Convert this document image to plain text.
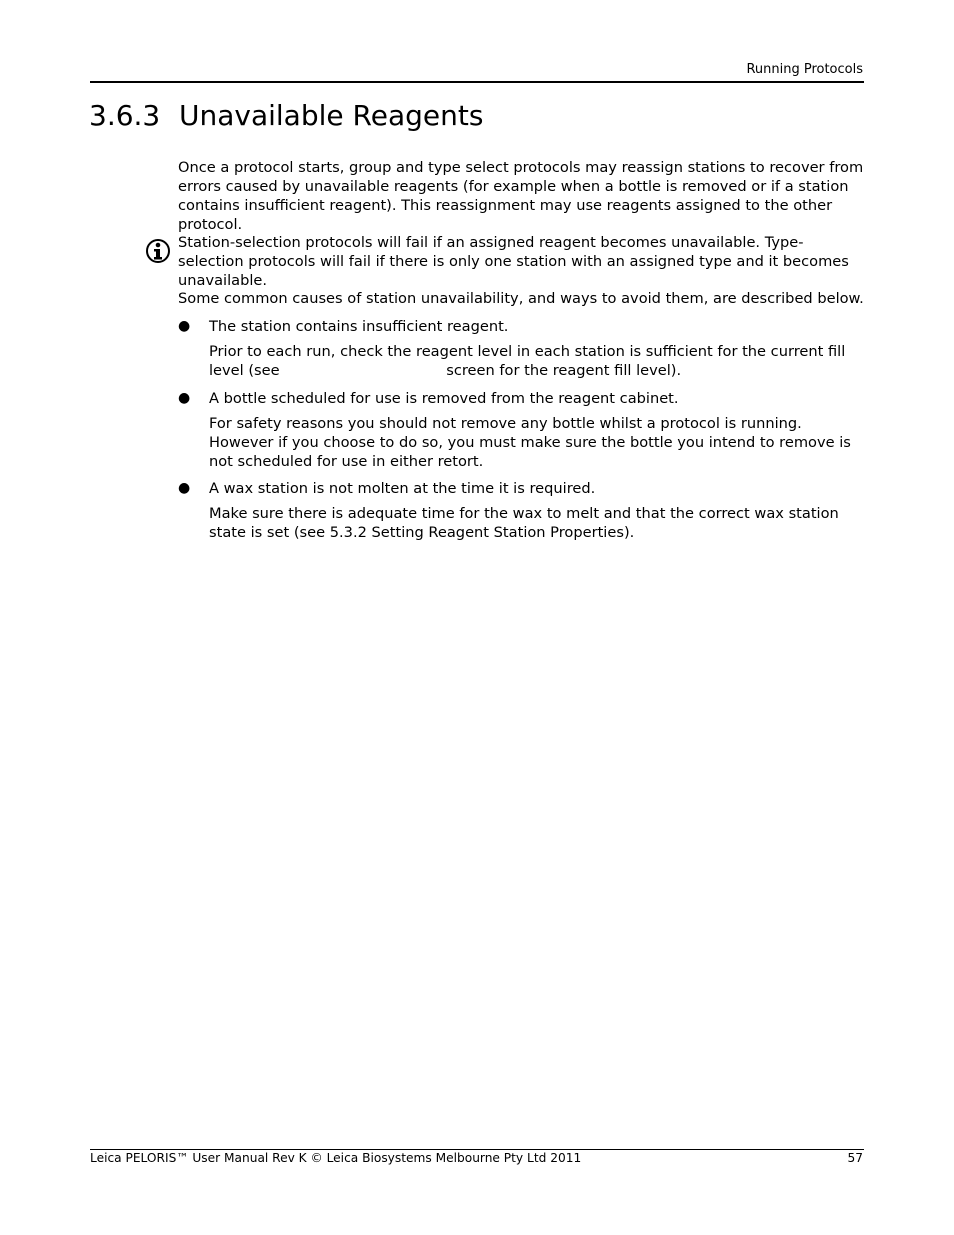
Running Protocols
3.6.3 Unavailable Reagents

Once a protocol starts, group and type select protocols may reassign stations to recover from errors caused by unavailable reagents (for example when a bottle is removed or if a station contains insufficient reagent). This reassignment may use reagents assigned to the other protocol.

Station-selection protocols will fail if an assigned reagent becomes unavailable. Type-selection protocols will fail if there is only one station with an assigned type and it becomes unavailable.

Some common causes of station unavailability, and ways to avoid them, are described below.

● The station contains insufficient reagent.

Prior to each run, check the reagent level in each station is sufficient for the current fill level (see	screen for the reagent fill level).

● A bottle scheduled for use is removed from the reagent cabinet.

For safety reasons you should not remove any bottle whilst a protocol is running. However if you choose to do so, you must make sure the bottle you intend to remove is not scheduled for use in either retort.

● A wax station is not molten at the time it is required.

Make sure there is adequate time for the wax to melt and that the correct wax station state is set (see 5.3.2 Setting Reagent Station Properties).

Leica PELORIS™ User Manual Rev K © Leica Biosystems Melbourne Pty Ltd 2011	57
